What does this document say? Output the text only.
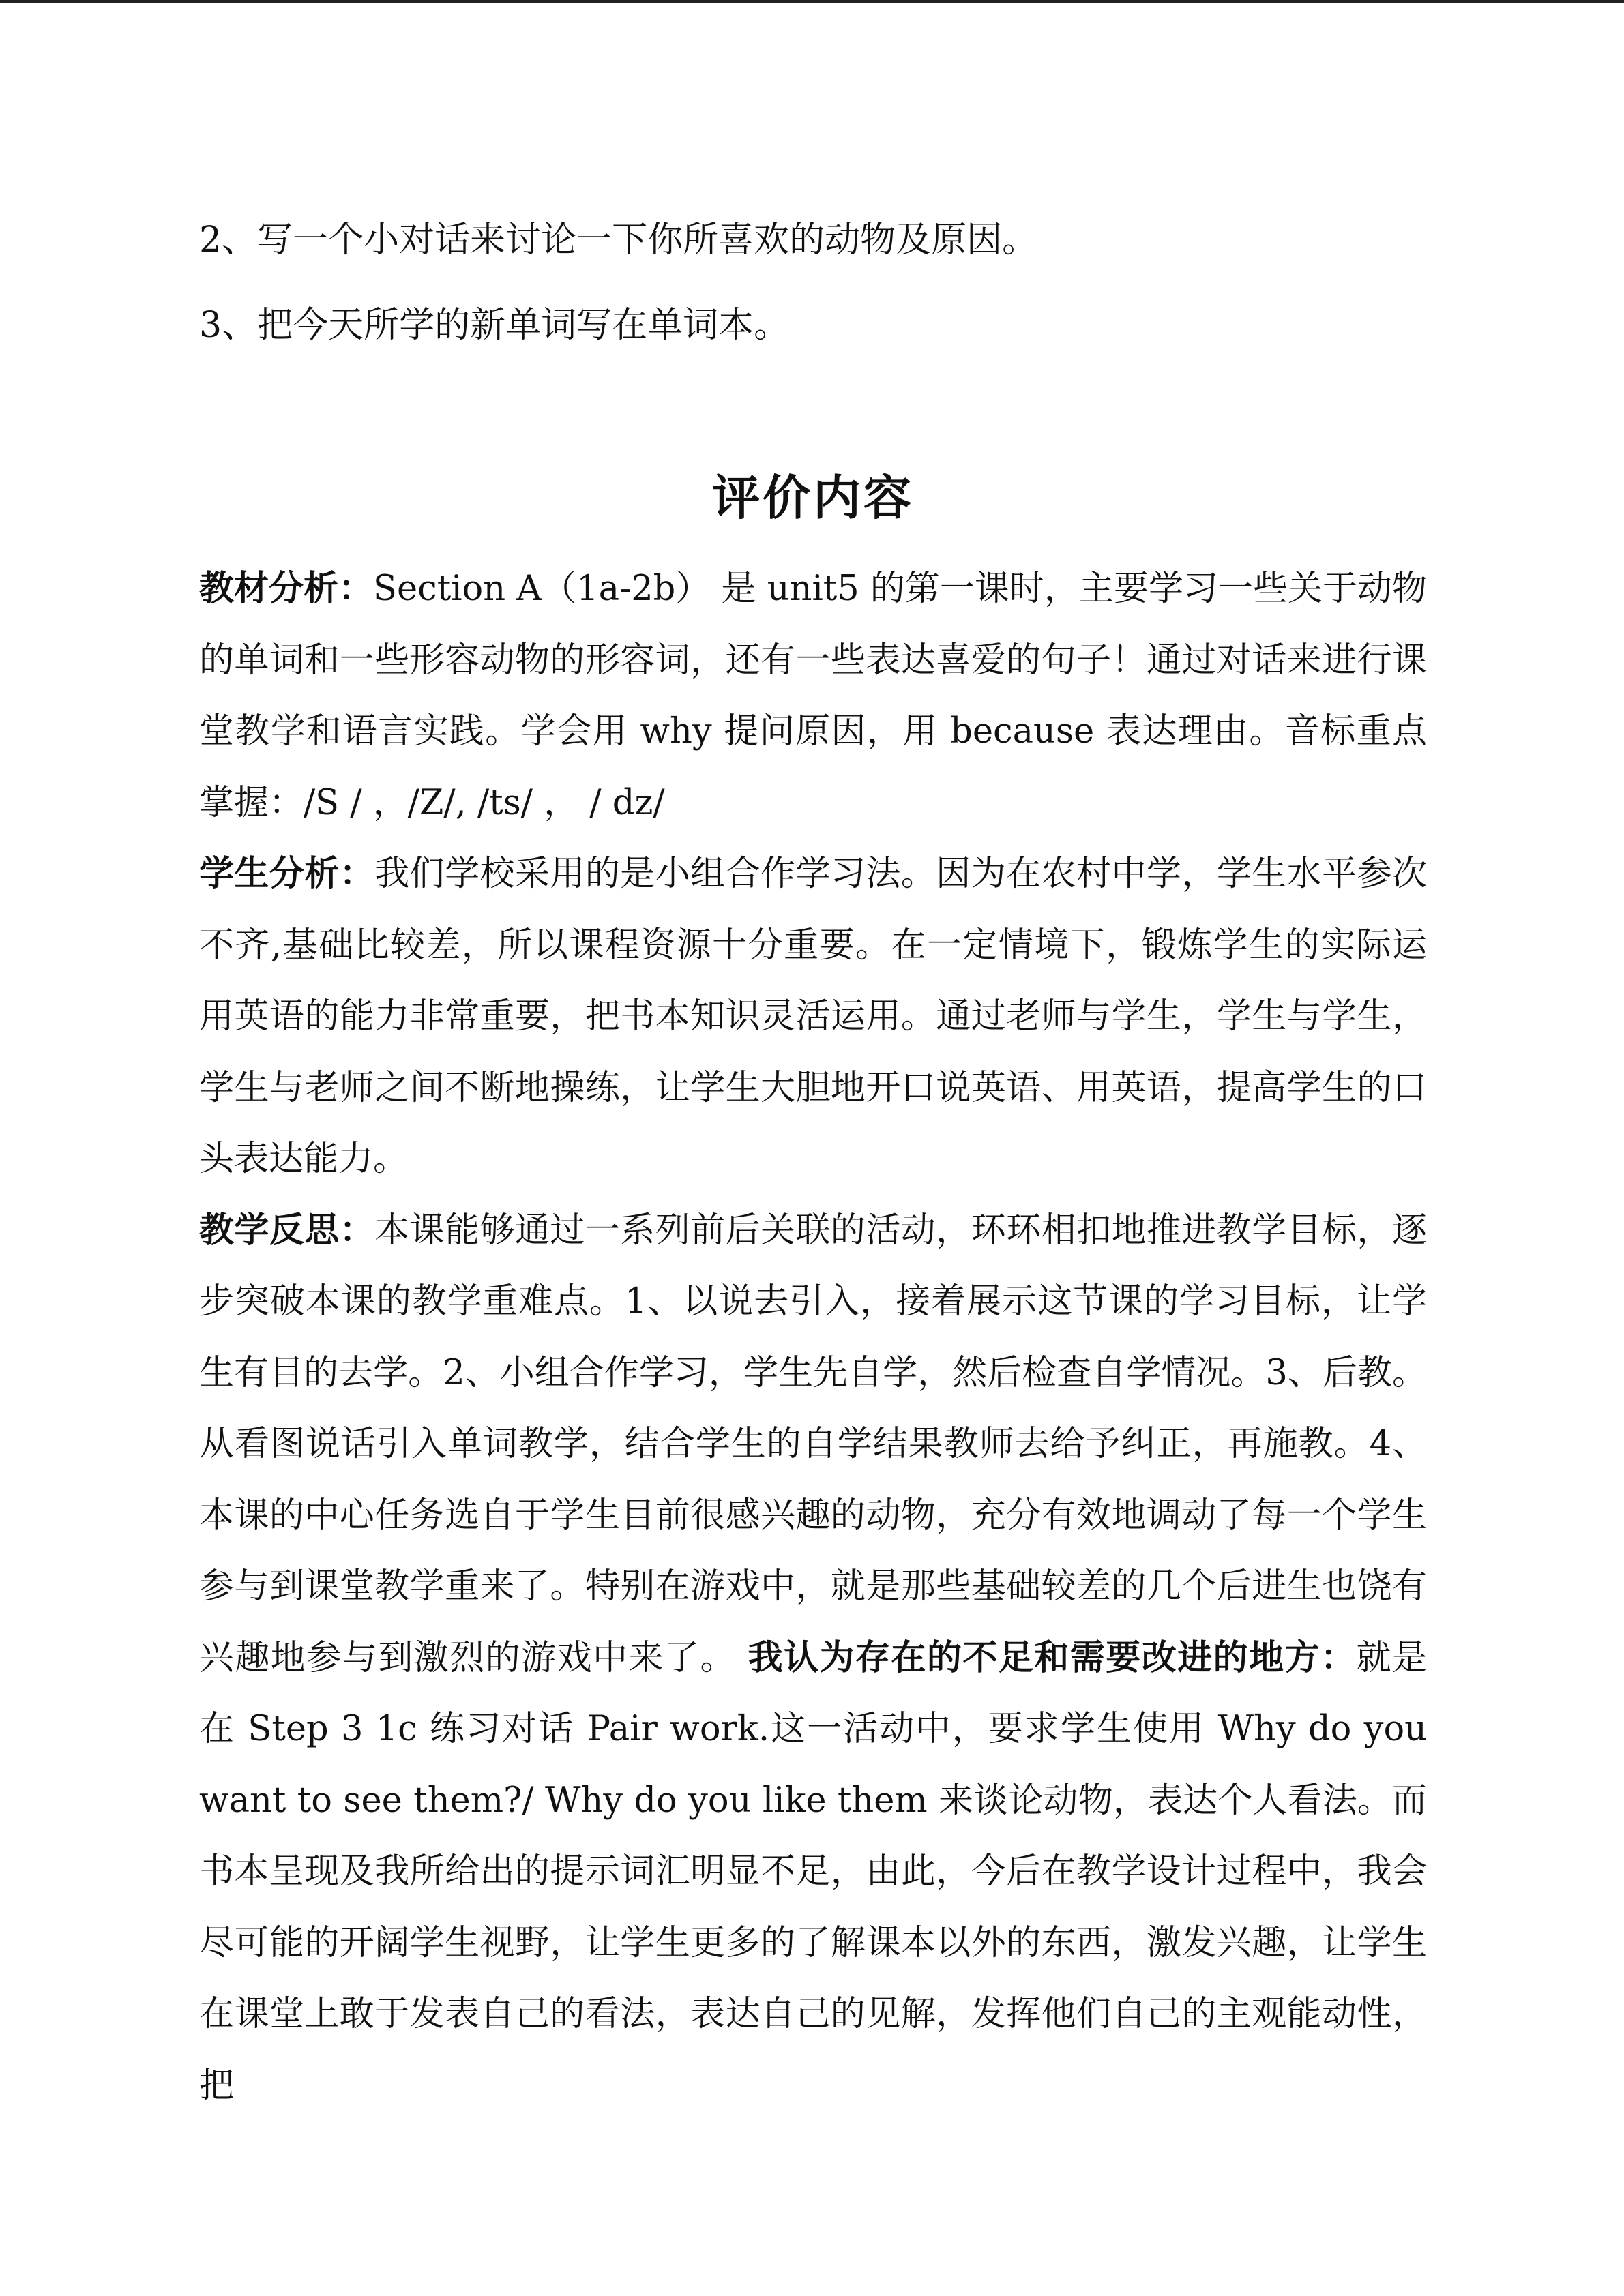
2、写一个小对话来讨论一下你所喜欢的动物及原因。
3、把今天所学的新单词写在单词本。
评价内容

教材分析：Section A（1a-2b） 是 unit5 的第一课时，主要学习一些关于动物的单词和一些形容动物的形容词，还有一些表达喜爱的句子！通过对话来进行课堂教学和语言实践。学会用 why 提问原因，用 because 表达理由。音标重点掌握：/S / ，/Z/, /ts/ ， / dz/

学生分析：我们学校采用的是小组合作学习法。因为在农村中学，学生水平参次不齐,基础比较差，所以课程资源十分重要。在一定情境下，锻炼学生的实际运用英语的能力非常重要，把书本知识灵活运用。通过老师与学生，学生与学生，学生与老师之间不断地操练，让学生大胆地开口说英语、用英语，提高学生的口头表达能力。

教学反思：本课能够通过一系列前后关联的活动，环环相扣地推进教学目标，逐步突破本课的教学重难点。1、以说去引入，接着展示这节课的学习目标，让学生有目的去学。2、小组合作学习，学生先自学，然后检查自学情况。3、后教。从看图说话引入单词教学，结合学生的自学结果教师去给予纠正，再施教。4、本课的中心任务选自于学生目前很感兴趣的动物，充分有效地调动了每一个学生参与到课堂教学重来了。特别在游戏中，就是那些基础较差的几个后进生也饶有兴趣地参与到激烈的游戏中来了。 我认为存在的不足和需要改进的地方：就是在 Step 3 1c 练习对话 Pair work.这一活动中，要求学生使用 Why do you want to see them?/ Why do you like them 来谈论动物，表达个人看法。而书本呈现及我所给出的提示词汇明显不足，由此，今后在教学设计过程中，我会尽可能的开阔学生视野，让学生更多的了解课本以外的东西，激发兴趣，让学生在课堂上敢于发表自己的看法，表达自己的见解，发挥他们自己的主观能动性，把
